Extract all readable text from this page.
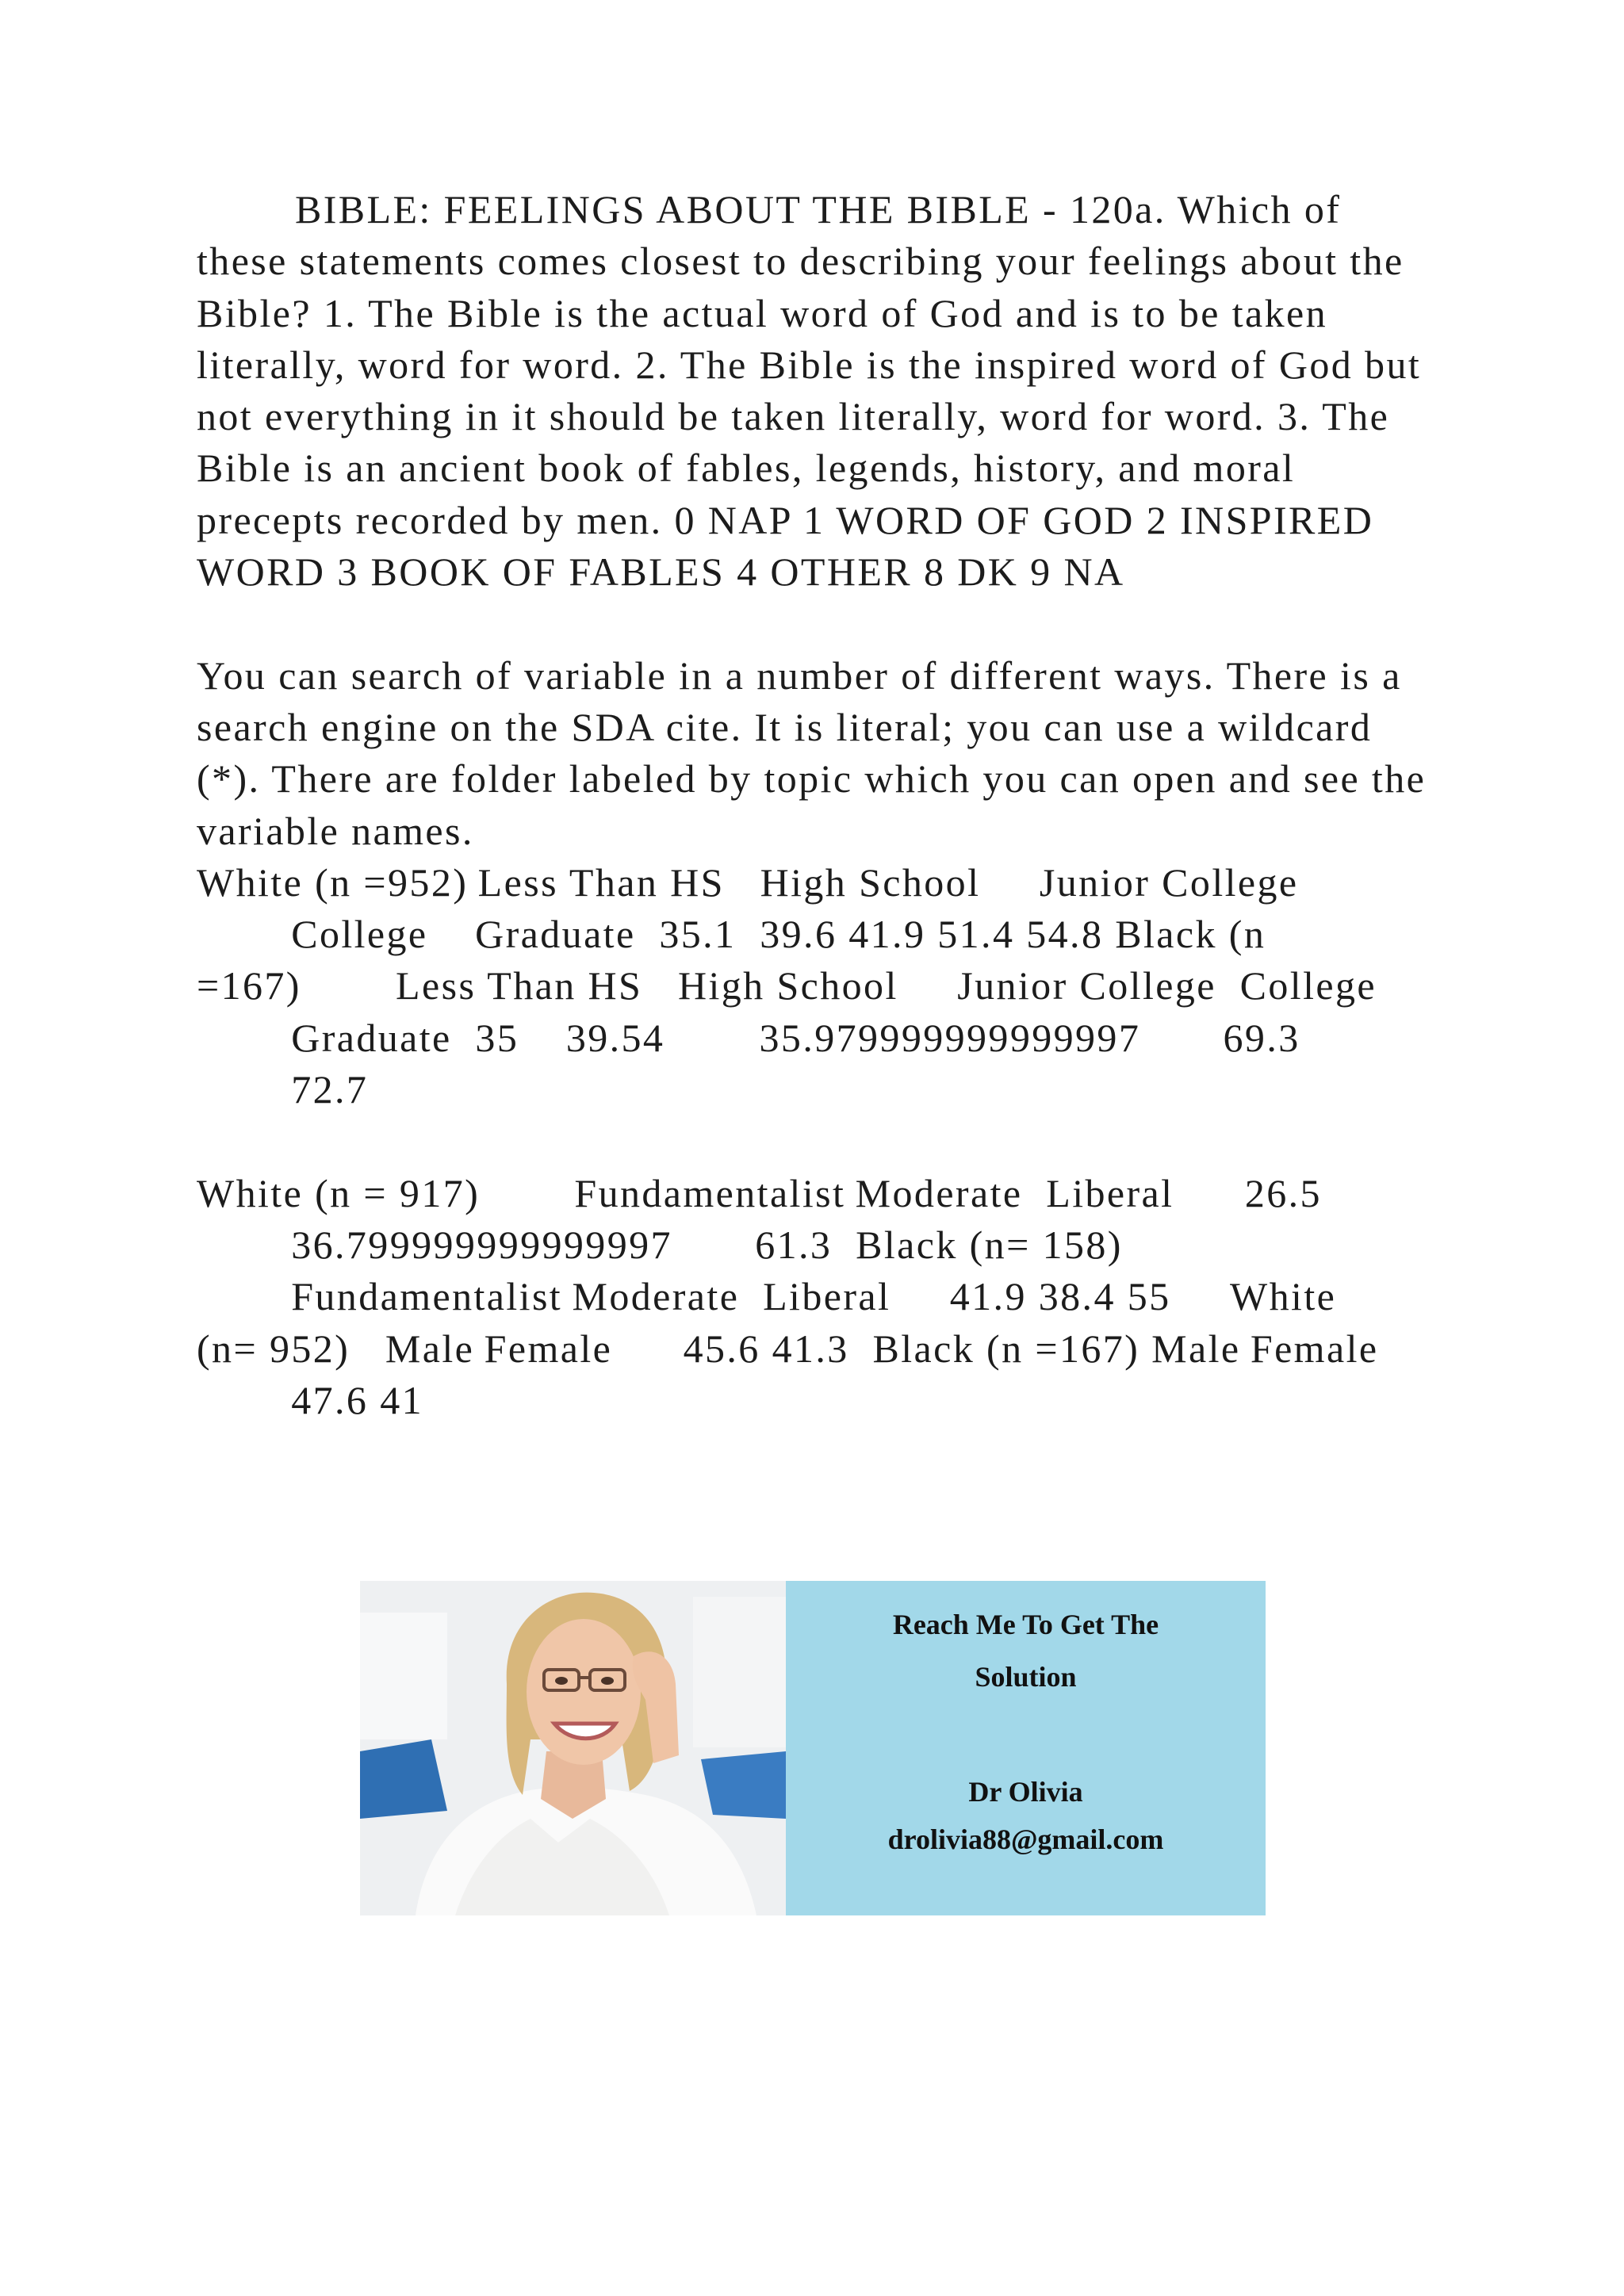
BIBLE: FEELINGS ABOUT THE BIBLE - 120a. Which of these statements comes closest to describing your feelings about the Bible? 1. The Bible is the actual word of God and is to be taken literally, word for word. 2. The Bible is the inspired word of God but not everything in it should be taken literally, word for word. 3. The Bible is an ancient book of fables, legends, history, and moral precepts recorded by men. 0 NAP 1 WORD OF GOD 2 INSPIRED WORD 3 BOOK OF FABLES 4 OTHER 8 DK 9 NA

You can search of variable in a number of different ways. There is a search engine on the SDA cite. It is literal; you can use a wildcard (*). There are folder labeled by topic which you can open and see the variable names.

White (n =952) Less Than HS   High School     Junior College
College    Graduate  35.1  39.6 41.9 51.4 54.8 Black (n
=167)        Less Than HS   High School     Junior College  College
Graduate  35    39.54        35.979999999999997       69.3
72.7
White (n = 917)        Fundamentalist Moderate  Liberal      26.5
36.799999999999997       61.3  Black (n= 158)
Fundamentalist Moderate  Liberal     41.9 38.4 55     White
(n= 952)   Male Female      45.6 41.3  Black (n =167) Male Female
47.6 41
Reach Me To Get The
Solution
Dr Olivia
drolivia88@gmail.com
